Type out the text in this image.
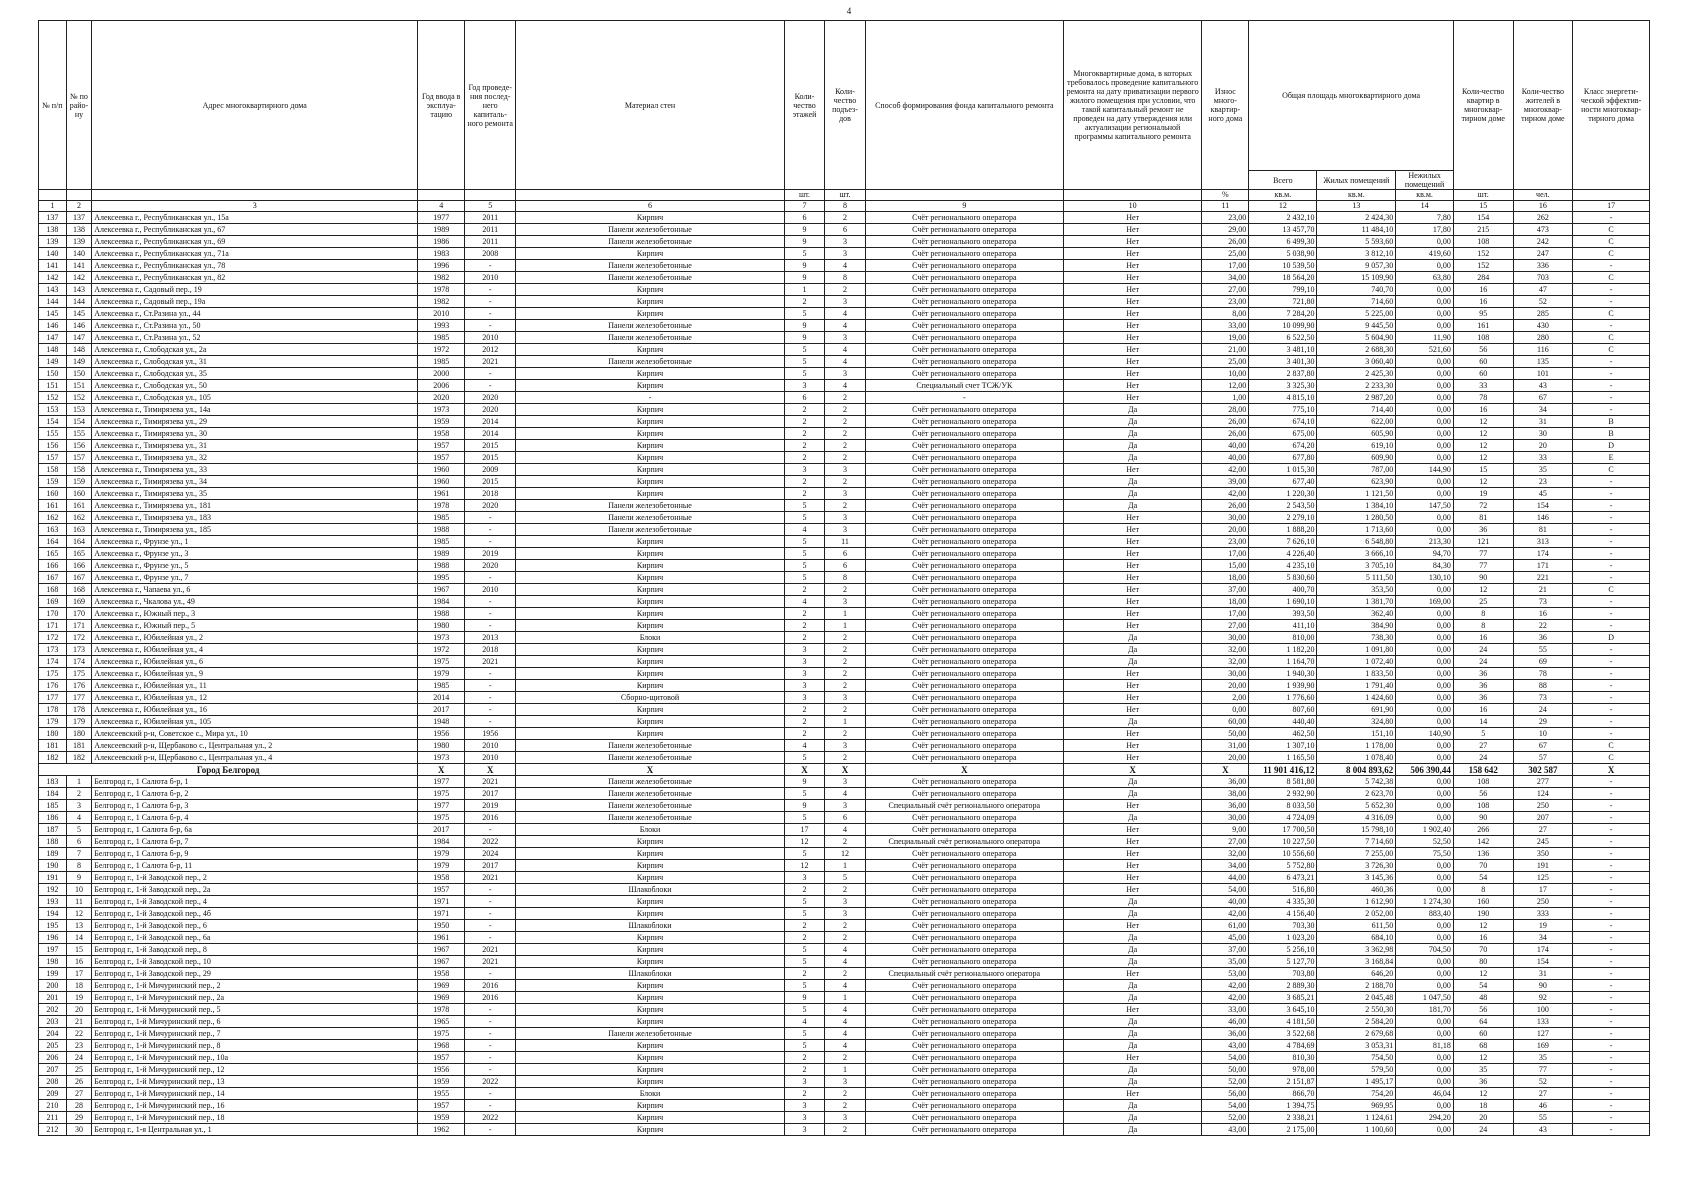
4
№ п/п	№ по райо-ну	Адрес многоквартирного дома	Год ввода в эксплуа-тацию	Год проведе-ния послед-него капиталь-ного ремонта	Материал стен	Коли-чество этажей	Коли-чество подъез-дов	Способ формирования фонда капитального ремонта	Многоквартирные дома, в которых требовалось проведение капитального ремонта на дату приватизации первого жилого помещения при условии, что такой капитальный ремонт не проведен на дату утверждения или актуализации региональной программы капитального ремонта	Износ много-квартир-ного дома	Общая площадь многоквартирного дома			Коли-чество квартир в многоквар-тирном доме	Коли-чество жителей в многоквар-тирном доме	Класс энергети-ческой эффектив-ности многоквар-тирного дома
											Всего	Жилых помещений	Нежилых помещений			
						шт.	шт.			%	кв.м.	кв.м.	кв.м.	шт.	чел.	
1	2	3	4	5	6	7	8	9	10	11	12	13	14	15	16	17
137	137	Алексеевка г., Республиканская ул., 15а	1977	2011	Кирпич	6	2	Счёт регионального оператора	Нет	23,00	2 432,10	2 424,30	7,80	154	262	-
138	138	Алексеевка г., Республиканская ул., 67	1989	2011	Панели железобетонные	9	6	Счёт регионального оператора	Нет	29,00	13 457,70	11 484,10	17,80	215	473	С
139	139	Алексеевка г., Республиканская ул., 69	1986	2011	Панели железобетонные	9	3	Счёт регионального оператора	Нет	26,00	6 499,30	5 593,60	0,00	108	242	С
140	140	Алексеевка г., Республиканская ул., 71а	1983	2008	Кирпич	5	3	Счёт регионального оператора	Нет	25,00	5 038,90	3 812,10	419,60	152	247	С
141	141	Алексеевка г., Республиканская ул., 78	1996	-	Панели железобетонные	9	4	Счёт регионального оператора	Нет	17,00	10 539,50	9 057,30	0,00	152	336	-
142	142	Алексеевка г., Республиканская ул., 82	1982	2010	Панели железобетонные	9	8	Счёт регионального оператора	Нет	34,00	18 564,20	15 109,90	63,80	284	703	С
143	143	Алексеевка г., Садовый пер., 19	1978	-	Кирпич	1	2	Счёт регионального оператора	Нет	27,00	799,10	740,70	0,00	16	47	-
144	144	Алексеевка г., Садовый пер., 19а	1982	-	Кирпич	2	3	Счёт регионального оператора	Нет	23,00	721,80	714,60	0,00	16	52	-
145	145	Алексеевка г., Ст.Разина ул., 44	2010	-	Кирпич	5	4	Счёт регионального оператора	Нет	8,00	7 284,20	5 225,00	0,00	95	285	С
146	146	Алексеевка г., Ст.Разина ул., 50	1993	-	Панели железобетонные	9	4	Счёт регионального оператора	Нет	33,00	10 099,90	9 445,50	0,00	161	430	-
147	147	Алексеевка г., Ст.Разина ул., 52	1985	2010	Панели железобетонные	9	3	Счёт регионального оператора	Нет	19,00	6 522,50	5 604,90	11,90	108	280	С
148	148	Алексеевка г., Слободская ул., 2а	1972	2012	Кирпич	5	4	Счёт регионального оператора	Нет	21,00	3 481,10	2 688,30	521,60	56	116	С
149	149	Алексеевка г., Слободская ул., 31	1985	2021	Панели железобетонные	5	4	Счёт регионального оператора	Нет	25,00	3 401,30	3 060,40	0,00	60	135	-
150	150	Алексеевка г., Слободская ул., 35	2000	-	Кирпич	5	3	Счёт регионального оператора	Нет	10,00	2 837,80	2 425,30	0,00	60	101	-
151	151	Алексеевка г., Слободская ул., 50	2006	-	Кирпич	3	4	Специальный счет ТСЖ/УК	Нет	12,00	3 325,30	2 233,30	0,00	33	43	-
152	152	Алексеевка г., Слободская ул., 105	2020	2020	-	6	2	-	Нет	1,00	4 815,10	2 987,20	0,00	78	67	-
153	153	Алексеевка г., Тимирязева ул., 14а	1973	2020	Кирпич	2	2	Счёт регионального оператора	Да	28,00	775,10	714,40	0,00	16	34	-
154	154	Алексеевка г., Тимирязева ул., 29	1959	2014	Кирпич	2	2	Счёт регионального оператора	Да	26,00	674,10	622,00	0,00	12	31	В
155	155	Алексеевка г., Тимирязева ул., 30	1958	2014	Кирпич	2	2	Счёт регионального оператора	Да	26,00	675,00	605,90	0,00	12	30	В
156	156	Алексеевка г., Тимирязева ул., 31	1957	2015	Кирпич	2	2	Счёт регионального оператора	Да	40,00	674,20	619,10	0,00	12	20	D
157	157	Алексеевка г., Тимирязева ул., 32	1957	2015	Кирпич	2	2	Счёт регионального оператора	Да	40,00	677,80	609,90	0,00	12	33	Е
158	158	Алексеевка г., Тимирязева ул., 33	1960	2009	Кирпич	3	3	Счёт регионального оператора	Нет	42,00	1 015,30	787,00	144,90	15	35	С
159	159	Алексеевка г., Тимирязева ул., 34	1960	2015	Кирпич	2	2	Счёт регионального оператора	Да	39,00	677,40	623,90	0,00	12	23	-
160	160	Алексеевка г., Тимирязева ул., 35	1961	2018	Кирпич	2	3	Счёт регионального оператора	Да	42,00	1 220,30	1 121,50	0,00	19	45	-
161	161	Алексеевка г., Тимирязева ул., 181	1978	2020	Панели железобетонные	5	2	Счёт регионального оператора	Да	26,00	2 543,50	1 384,10	147,50	72	154	-
162	162	Алексеевка г., Тимирязева ул., 183	1985	-	Панели железобетонные	5	3	Счёт регионального оператора	Нет	30,00	2 279,10	1 280,50	0,00	81	146	-
163	163	Алексеевка г., Тимирязева ул., 185	1988	-	Панели железобетонные	4	3	Счёт регионального оператора	Нет	20,00	1 888,20	1 713,60	0,00	36	81	-
164	164	Алексеевка г., Фрунзе ул., 1	1985	-	Кирпич	5	11	Счёт регионального оператора	Нет	23,00	7 626,10	6 548,80	213,30	121	313	-
165	165	Алексеевка г., Фрунзе ул., 3	1989	2019	Кирпич	5	6	Счёт регионального оператора	Нет	17,00	4 226,40	3 666,10	94,70	77	174	-
166	166	Алексеевка г., Фрунзе ул., 5	1988	2020	Кирпич	5	6	Счёт регионального оператора	Нет	15,00	4 235,10	3 705,10	84,30	77	171	-
167	167	Алексеевка г., Фрунзе ул., 7	1995	-	Кирпич	5	8	Счёт регионального оператора	Нет	18,00	5 830,60	5 111,50	130,10	90	221	-
168	168	Алексеевка г., Чапаева ул., 6	1967	2010	Кирпич	2	2	Счёт регионального оператора	Нет	37,00	400,70	353,50	0,00	12	21	С
169	169	Алексеевка г., Чкалова ул., 49	1984	-	Кирпич	4	3	Счёт регионального оператора	Нет	18,00	1 690,10	1 381,70	169,00	25	73	-
170	170	Алексеевка г., Южный пер., 3	1988	-	Кирпич	2	1	Счёт регионального оператора	Нет	17,00	393,50	362,40	0,00	8	16	-
171	171	Алексеевка г., Южный пер., 5	1980	-	Кирпич	2	1	Счёт регионального оператора	Нет	27,00	411,10	384,90	0,00	8	22	-
172	172	Алексеевка г., Юбилейная ул., 2	1973	2013	Блоки	2	2	Счёт регионального оператора	Да	30,00	810,00	738,30	0,00	16	36	D
173	173	Алексеевка г., Юбилейная ул., 4	1972	2018	Кирпич	3	2	Счёт регионального оператора	Да	32,00	1 182,20	1 091,80	0,00	24	55	-
174	174	Алексеевка г., Юбилейная ул., 6	1975	2021	Кирпич	3	2	Счёт регионального оператора	Да	32,00	1 164,70	1 072,40	0,00	24	69	-
175	175	Алексеевка г., Юбилейная ул., 9	1979	-	Кирпич	3	2	Счёт регионального оператора	Нет	30,00	1 940,30	1 833,50	0,00	36	78	-
176	176	Алексеевка г., Юбилейная ул., 11	1985	-	Кирпич	3	2	Счёт регионального оператора	Нет	20,00	1 939,90	1 791,40	0,00	36	88	-
177	177	Алексеевка г., Юбилейная ул., 12	2014	-	Сборно-щитовой	3	3	Счёт регионального оператора	Нет	2,00	1 776,60	1 424,60	0,00	36	73	-
178	178	Алексеевка г., Юбилейная ул., 16	2017	-	Кирпич	2	2	Счёт регионального оператора	Нет	0,00	807,60	691,90	0,00	16	24	-
179	179	Алексеевка г., Юбилейная ул., 105	1948	-	Кирпич	2	1	Счёт регионального оператора	Да	60,00	440,40	324,80	0,00	14	29	-
180	180	Алексеевский р-н, Советское с., Мира ул., 10	1956	1956	Кирпич	2	2	Счёт регионального оператора	Нет	50,00	462,50	151,10	140,90	5	10	-
181	181	Алексеевский р-н, Щербаково с., Центральная ул., 2	1980	2010	Панели железобетонные	4	3	Счёт регионального оператора	Нет	31,00	1 307,10	1 178,00	0,00	27	67	С
182	182	Алексеевский р-н, Щербаково с., Центральная ул., 4	1973	2010	Панели железобетонные	5	2	Счёт регионального оператора	Нет	20,00	1 165,50	1 078,40	0,00	24	57	С
Город Белгород			X	X	X	X	X	X	X	X	11 901 416,12	8 004 893,62	506 390,44	158 642	302 587	X
183	1	Белгород г., 1 Салюта б-р, 1	1977	2021	Панели железобетонные	9	3	Счёт регионального оператора	Да	36,00	8 581,80	5 742,38	0,00	108	277	-
184	2	Белгород г., 1 Салюта б-р, 2	1975	2017	Панели железобетонные	5	4	Счёт регионального оператора	Да	38,00	2 932,90	2 623,70	0,00	56	124	-
185	3	Белгород г., 1 Салюта б-р, 3	1977	2019	Панели железобетонные	9	3	Специальный счёт регионального оператора	Нет	36,00	8 033,50	5 652,30	0,00	108	250	-
186	4	Белгород г., 1 Салюта б-р, 4	1975	2016	Панели железобетонные	5	6	Счёт регионального оператора	Да	30,00	4 724,09	4 316,09	0,00	90	207	-
187	5	Белгород г., 1 Салюта б-р, 6а	2017	-	Блоки	17	4	Счёт регионального оператора	Нет	9,00	17 700,50	15 798,10	1 902,40	266	27	-
188	6	Белгород г., 1 Салюта б-р, 7	1984	2022	Кирпич	12	2	Специальный счёт регионального оператора	Нет	27,00	10 227,50	7 714,60	52,50	142	245	-
189	7	Белгород г., 1 Салюта б-р, 9	1979	2024	Кирпич	5	12	Счёт регионального оператора	Нет	32,00	10 556,60	7 255,00	75,50	136	350	-
190	8	Белгород г., 1 Салюта б-р, 11	1979	2017	Кирпич	12	1	Счёт регионального оператора	Нет	34,00	5 752,80	3 726,30	0,00	70	191	-
191	9	Белгород г., 1-й Заводской пер., 2	1958	2021	Кирпич	3	5	Счёт регионального оператора	Нет	44,00	6 473,21	3 145,36	0,00	54	125	-
192	10	Белгород г., 1-й Заводской пер., 2а	1957	-	Шлакоблоки	2	2	Счёт регионального оператора	Нет	54,00	516,80	460,36	0,00	8	17	-
193	11	Белгород г., 1-й Заводской пер., 4	1971	-	Кирпич	5	3	Счёт регионального оператора	Да	40,00	4 335,30	1 612,90	1 274,30	160	250	-
194	12	Белгород г., 1-й Заводской пер., 4б	1971	-	Кирпич	5	3	Счёт регионального оператора	Да	42,00	4 156,40	2 052,00	883,40	190	333	-
195	13	Белгород г., 1-й Заводской пер., 6	1950	-	Шлакоблоки	2	2	Счёт регионального оператора	Нет	61,00	703,30	611,50	0,00	12	19	-
196	14	Белгород г., 1-й Заводской пер., 6а	1961	-	Кирпич	2	2	Счёт регионального оператора	Да	45,00	1 023,20	684,10	0,00	16	34	-
197	15	Белгород г., 1-й Заводской пер., 8	1967	2021	Кирпич	5	4	Счёт регионального оператора	Да	37,00	5 256,10	3 362,98	704,50	70	174	-
198	16	Белгород г., 1-й Заводской пер., 10	1967	2021	Кирпич	5	4	Счёт регионального оператора	Да	35,00	5 127,70	3 168,84	0,00	80	154	-
199	17	Белгород г., 1-й Заводской пер., 29	1958	-	Шлакоблоки	2	2	Специальный счёт регионального оператора	Нет	53,00	703,80	646,20	0,00	12	31	-
200	18	Белгород г., 1-й Мичуринский пер., 2	1969	2016	Кирпич	5	4	Счёт регионального оператора	Да	42,00	2 889,30	2 188,70	0,00	54	90	-
201	19	Белгород г., 1-й Мичуринский пер., 2а	1969	2016	Кирпич	9	1	Счёт регионального оператора	Да	42,00	3 685,21	2 045,48	1 047,50	48	92	-
202	20	Белгород г., 1-й Мичуринский пер., 5	1978	-	Кирпич	5	4	Счёт регионального оператора	Нет	33,00	3 645,10	2 550,30	181,70	56	100	-
203	21	Белгород г., 1-й Мичуринский пер., 6	1965	-	Кирпич	4	4	Счёт регионального оператора	Да	46,00	4 181,50	2 584,20	0,00	64	133	-
204	22	Белгород г., 1-й Мичуринский пер., 7	1975	-	Панели железобетонные	5	4	Счёт регионального оператора	Да	36,00	3 522,68	2 679,68	0,00	60	127	-
205	23	Белгород г., 1-й Мичуринский пер., 8	1968	-	Кирпич	5	4	Счёт регионального оператора	Да	43,00	4 784,69	3 053,31	81,18	68	169	-
206	24	Белгород г., 1-й Мичуринский пер., 10а	1957	-	Кирпич	2	2	Счёт регионального оператора	Нет	54,00	810,30	754,50	0,00	12	35	-
207	25	Белгород г., 1-й Мичуринский пер., 12	1956	-	Кирпич	2	1	Счёт регионального оператора	Да	50,00	978,00	579,50	0,00	35	77	-
208	26	Белгород г., 1-й Мичуринский пер., 13	1959	2022	Кирпич	3	3	Счёт регионального оператора	Да	52,00	2 151,87	1 495,17	0,00	36	52	-
209	27	Белгород г., 1-й Мичуринский пер., 14	1955	-	Блоки	2	2	Счёт регионального оператора	Нет	56,00	866,70	754,20	46,04	12	27	-
210	28	Белгород г., 1-й Мичуринский пер., 16	1957	-	Кирпич	3	2	Счёт регионального оператора	Да	54,00	1 394,75	969,95	0,00	18	46	-
211	29	Белгород г., 1-й Мичуринский пер., 18	1959	2022	Кирпич	3	3	Счёт регионального оператора	Да	52,00	2 338,21	1 124,61	294,20	20	55	-
212	30	Белгород г., 1-я Центральная ул., 1	1962	-	Кирпич	3	2	Счёт регионального оператора	Да	43,00	2 175,00	1 100,60	0,00	24	43	-
